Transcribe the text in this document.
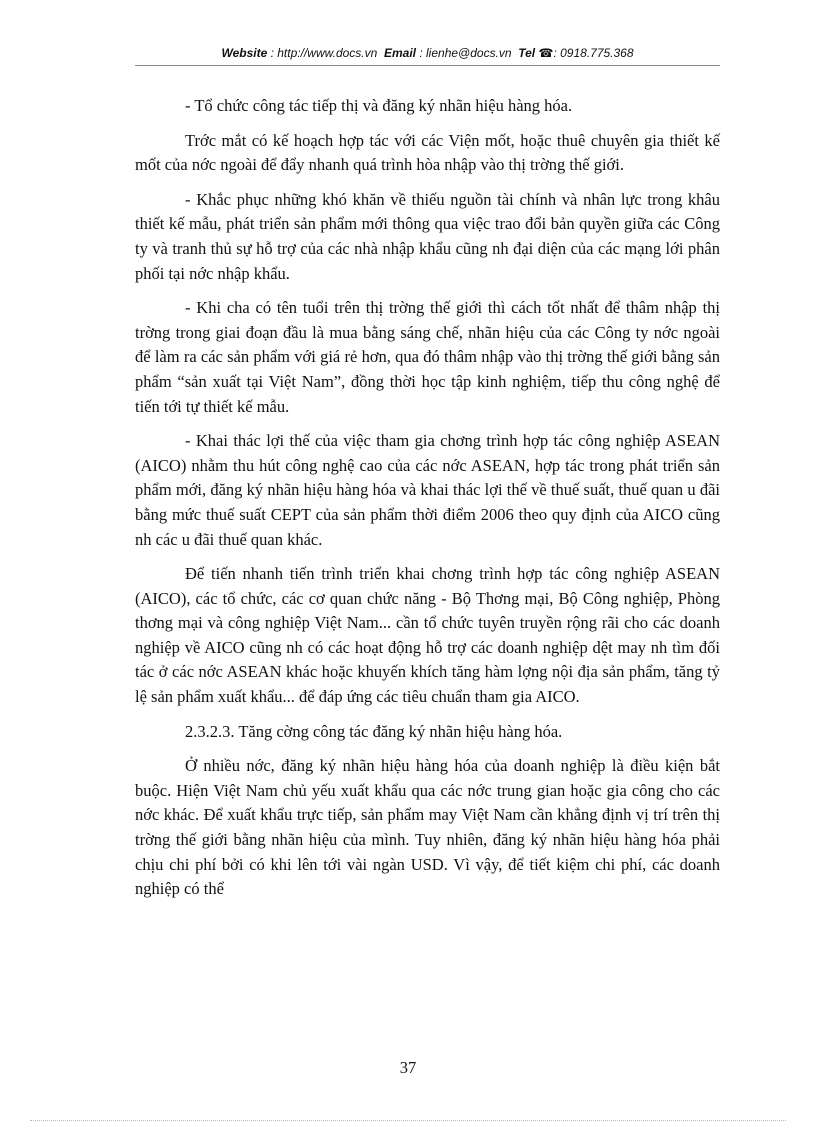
Website : http://www.docs.vn Email : lienhe@docs.vn Tel ☎: 0918.775.368

- Tổ chức công tác tiếp thị và đăng ký nhãn hiệu hàng hóa.

Trớc mắt có kế hoạch hợp tác với các Viện mốt, hoặc thuê chuyên gia thiết kế mốt của nớc ngoài để đẩy nhanh quá trình hòa nhập vào thị trờng thế giới.

- Khắc phục những khó khăn về thiếu nguồn tài chính và nhân lực trong khâu thiết kế mẫu, phát triển sản phẩm mới thông qua việc trao đổi bản quyền giữa các Công ty và tranh thủ sự hỗ trợ của các nhà nhập khẩu cũng nh đại diện của các mạng lới phân phối tại nớc nhập khẩu.

- Khi cha có tên tuổi trên thị trờng thế giới thì cách tốt nhất để thâm nhập thị trờng trong giai đoạn đầu là mua bằng sáng chế, nhãn hiệu của các Công ty nớc ngoài để làm ra các sản phẩm với giá rẻ hơn, qua đó thâm nhập vào thị trờng thế giới bằng sản phẩm “sản xuất tại Việt Nam”, đồng thời học tập kinh nghiệm, tiếp thu công nghệ để tiến tới tự thiết kế mẫu.

- Khai thác lợi thế của việc tham gia chơng trình hợp tác công nghiệp ASEAN (AICO) nhằm thu hút công nghệ cao của các nớc ASEAN, hợp tác trong phát triển sản phẩm mới, đăng ký nhãn hiệu hàng hóa và khai thác lợi thế về thuế suất, thuế quan u đãi bằng mức thuế suất CEPT của sản phẩm thời điểm 2006 theo quy định của AICO cũng nh các u đãi thuế quan khác.

Để tiến nhanh tiến trình triển khai chơng trình hợp tác công nghiệp ASEAN (AICO), các tổ chức, các cơ quan chức năng - Bộ Thơng mại, Bộ Công nghiệp, Phòng thơng mại và công nghiệp Việt Nam... cần tổ chức tuyên truyền rộng rãi cho các doanh nghiệp về AICO cũng nh có các hoạt động hỗ trợ các doanh nghiệp dệt may nh tìm đối tác ở các nớc ASEAN khác hoặc khuyến khích tăng hàm lợng nội địa sản phẩm, tăng tỷ lệ sản phẩm xuất khẩu... để đáp ứng các tiêu chuẩn tham gia AICO.

2.3.2.3. Tăng cờng công tác đăng ký nhãn hiệu hàng hóa.

Ở nhiều nớc, đăng ký nhãn hiệu hàng hóa của doanh nghiệp là điều kiện bắt buộc. Hiện Việt Nam chủ yếu xuất khẩu qua các nớc trung gian hoặc gia công cho các nớc khác. Để xuất khẩu trực tiếp, sản phẩm may Việt Nam cần khẳng định vị trí trên thị trờng thế giới bằng nhãn hiệu của mình. Tuy nhiên, đăng ký nhãn hiệu hàng hóa phải chịu chi phí bởi có khi lên tới vài ngàn USD. Vì vậy, để tiết kiệm chi phí, các doanh nghiệp có thể

37
